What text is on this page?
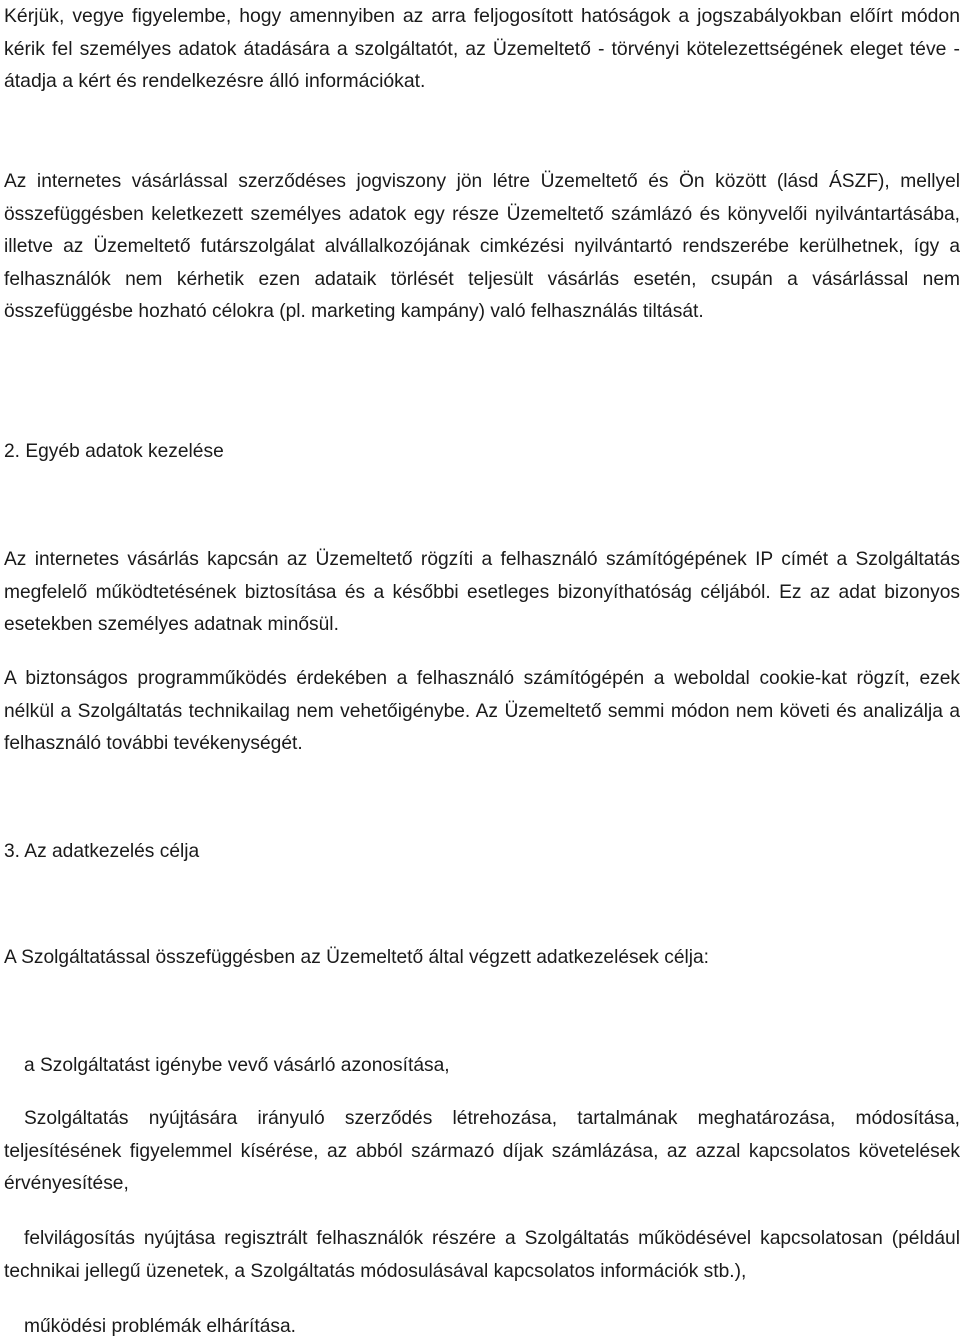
Kérjük, vegye figyelembe, hogy amennyiben az arra feljogosított hatóságok a jogszabályokban előírt módon kérik fel személyes adatok átadására a szolgáltatót, az Üzemeltető - törvényi kötelezettségének eleget téve - átadja a kért és rendelkezésre álló információkat.

Az internetes vásárlással szerződéses jogviszony jön létre Üzemeltető és Ön között (lásd ÁSZF), mellyel összefüggésben keletkezett személyes adatok egy része Üzemeltető számlázó és könyvelői nyilvántartásába, illetve az Üzemeltető futárszolgálat alvállalkozójának cimkézési nyilvántartó rendszerébe kerülhetnek, így a felhasználók nem kérhetik ezen adataik törlését teljesült vásárlás esetén, csupán a vásárlással nem összefüggésbe hozható célokra (pl. marketing kampány) való felhasználás tiltását.

2. Egyéb adatok kezelése

Az internetes vásárlás kapcsán az Üzemeltető rögzíti a felhasználó számítógépének IP címét a Szolgáltatás megfelelő működtetésének biztosítása és a későbbi esetleges bizonyíthatóság céljából. Ez az adat bizonyos esetekben személyes adatnak minősül.

A biztonságos programműködés érdekében a felhasználó számítógépén a weboldal cookie-kat rögzít, ezek nélkül a Szolgáltatás technikailag nem vehetőigénybe. Az Üzemeltető semmi módon nem követi és analizálja a felhasználó további tevékenységét.

3. Az adatkezelés célja

A Szolgáltatással összefüggésben az Üzemeltető által végzett adatkezelések célja:

a Szolgáltatást igénybe vevő vásárló azonosítása,

Szolgáltatás nyújtására irányuló szerződés létrehozása, tartalmának meghatározása, módosítása, teljesítésének figyelemmel kísérése, az abból származó díjak számlázása, az azzal kapcsolatos követelések érvényesítése,

felvilágosítás nyújtása regisztrált felhasználók részére a Szolgáltatás működésével kapcsolatosan (például technikai jellegű üzenetek, a Szolgáltatás módosulásával kapcsolatos információk stb.),

működési problémák elhárítása.
